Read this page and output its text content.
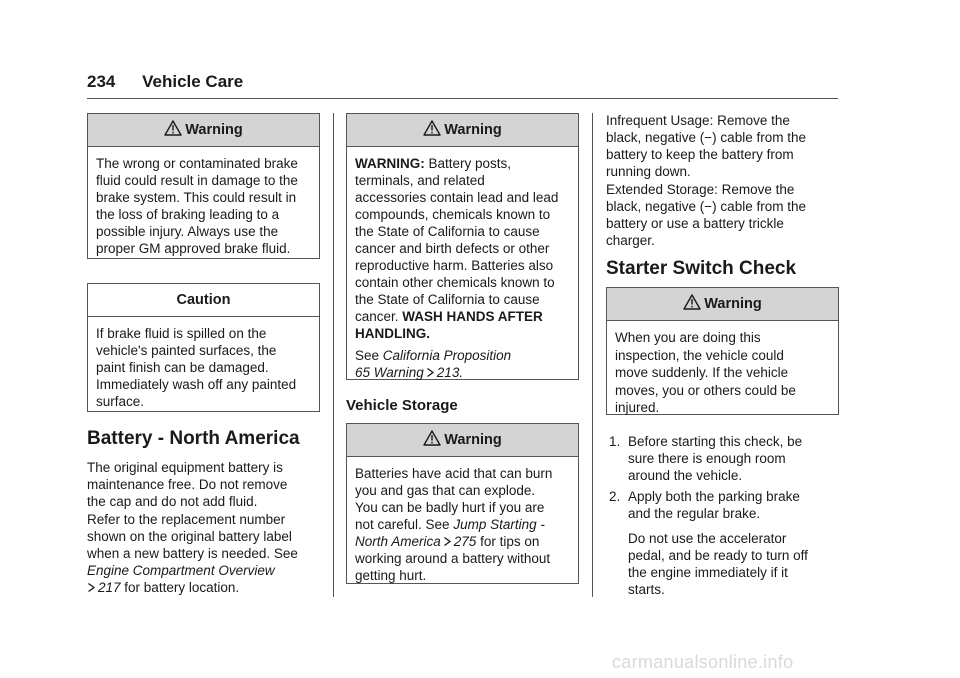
234 Vehicle Care
Warning
The wrong or contaminated brake
fluid could result in damage to the
brake system. This could result in
the loss of braking leading to a
possible injury. Always use the
proper GM approved brake fluid.
Caution
If brake fluid is spilled on the
vehicle's painted surfaces, the
paint finish can be damaged.
Immediately wash off any painted
surface.
Battery - North America
The original equipment battery is
maintenance free. Do not remove
the cap and do not add fluid.
Refer to the replacement number
shown on the original battery label
when a new battery is needed. See
Engine Compartment Overview
217 for battery location.
Warning
WARNING: Battery posts,
terminals, and related
accessories contain lead and lead
compounds, chemicals known to
the State of California to cause
cancer and birth defects or other
reproductive harm. Batteries also
contain other chemicals known to
the State of California to cause
cancer. WASH HANDS AFTER
HANDLING.
See California Proposition
65 Warning 213.
Vehicle Storage
Warning
Batteries have acid that can burn
you and gas that can explode.
You can be badly hurt if you are
not careful. See Jump Starting -
North America 275 for tips on
working around a battery without
getting hurt.
Infrequent Usage: Remove the
black, negative (−) cable from the
battery to keep the battery from
running down.
Extended Storage: Remove the
black, negative (−) cable from the
battery or use a battery trickle
charger.
Starter Switch Check
Warning
When you are doing this
inspection, the vehicle could
move suddenly. If the vehicle
moves, you or others could be
injured.
1. Before starting this check, be
sure there is enough room
around the vehicle.
2. Apply both the parking brake
and the regular brake.
Do not use the accelerator
pedal, and be ready to turn off
the engine immediately if it
starts.
carmanualsonline.info
